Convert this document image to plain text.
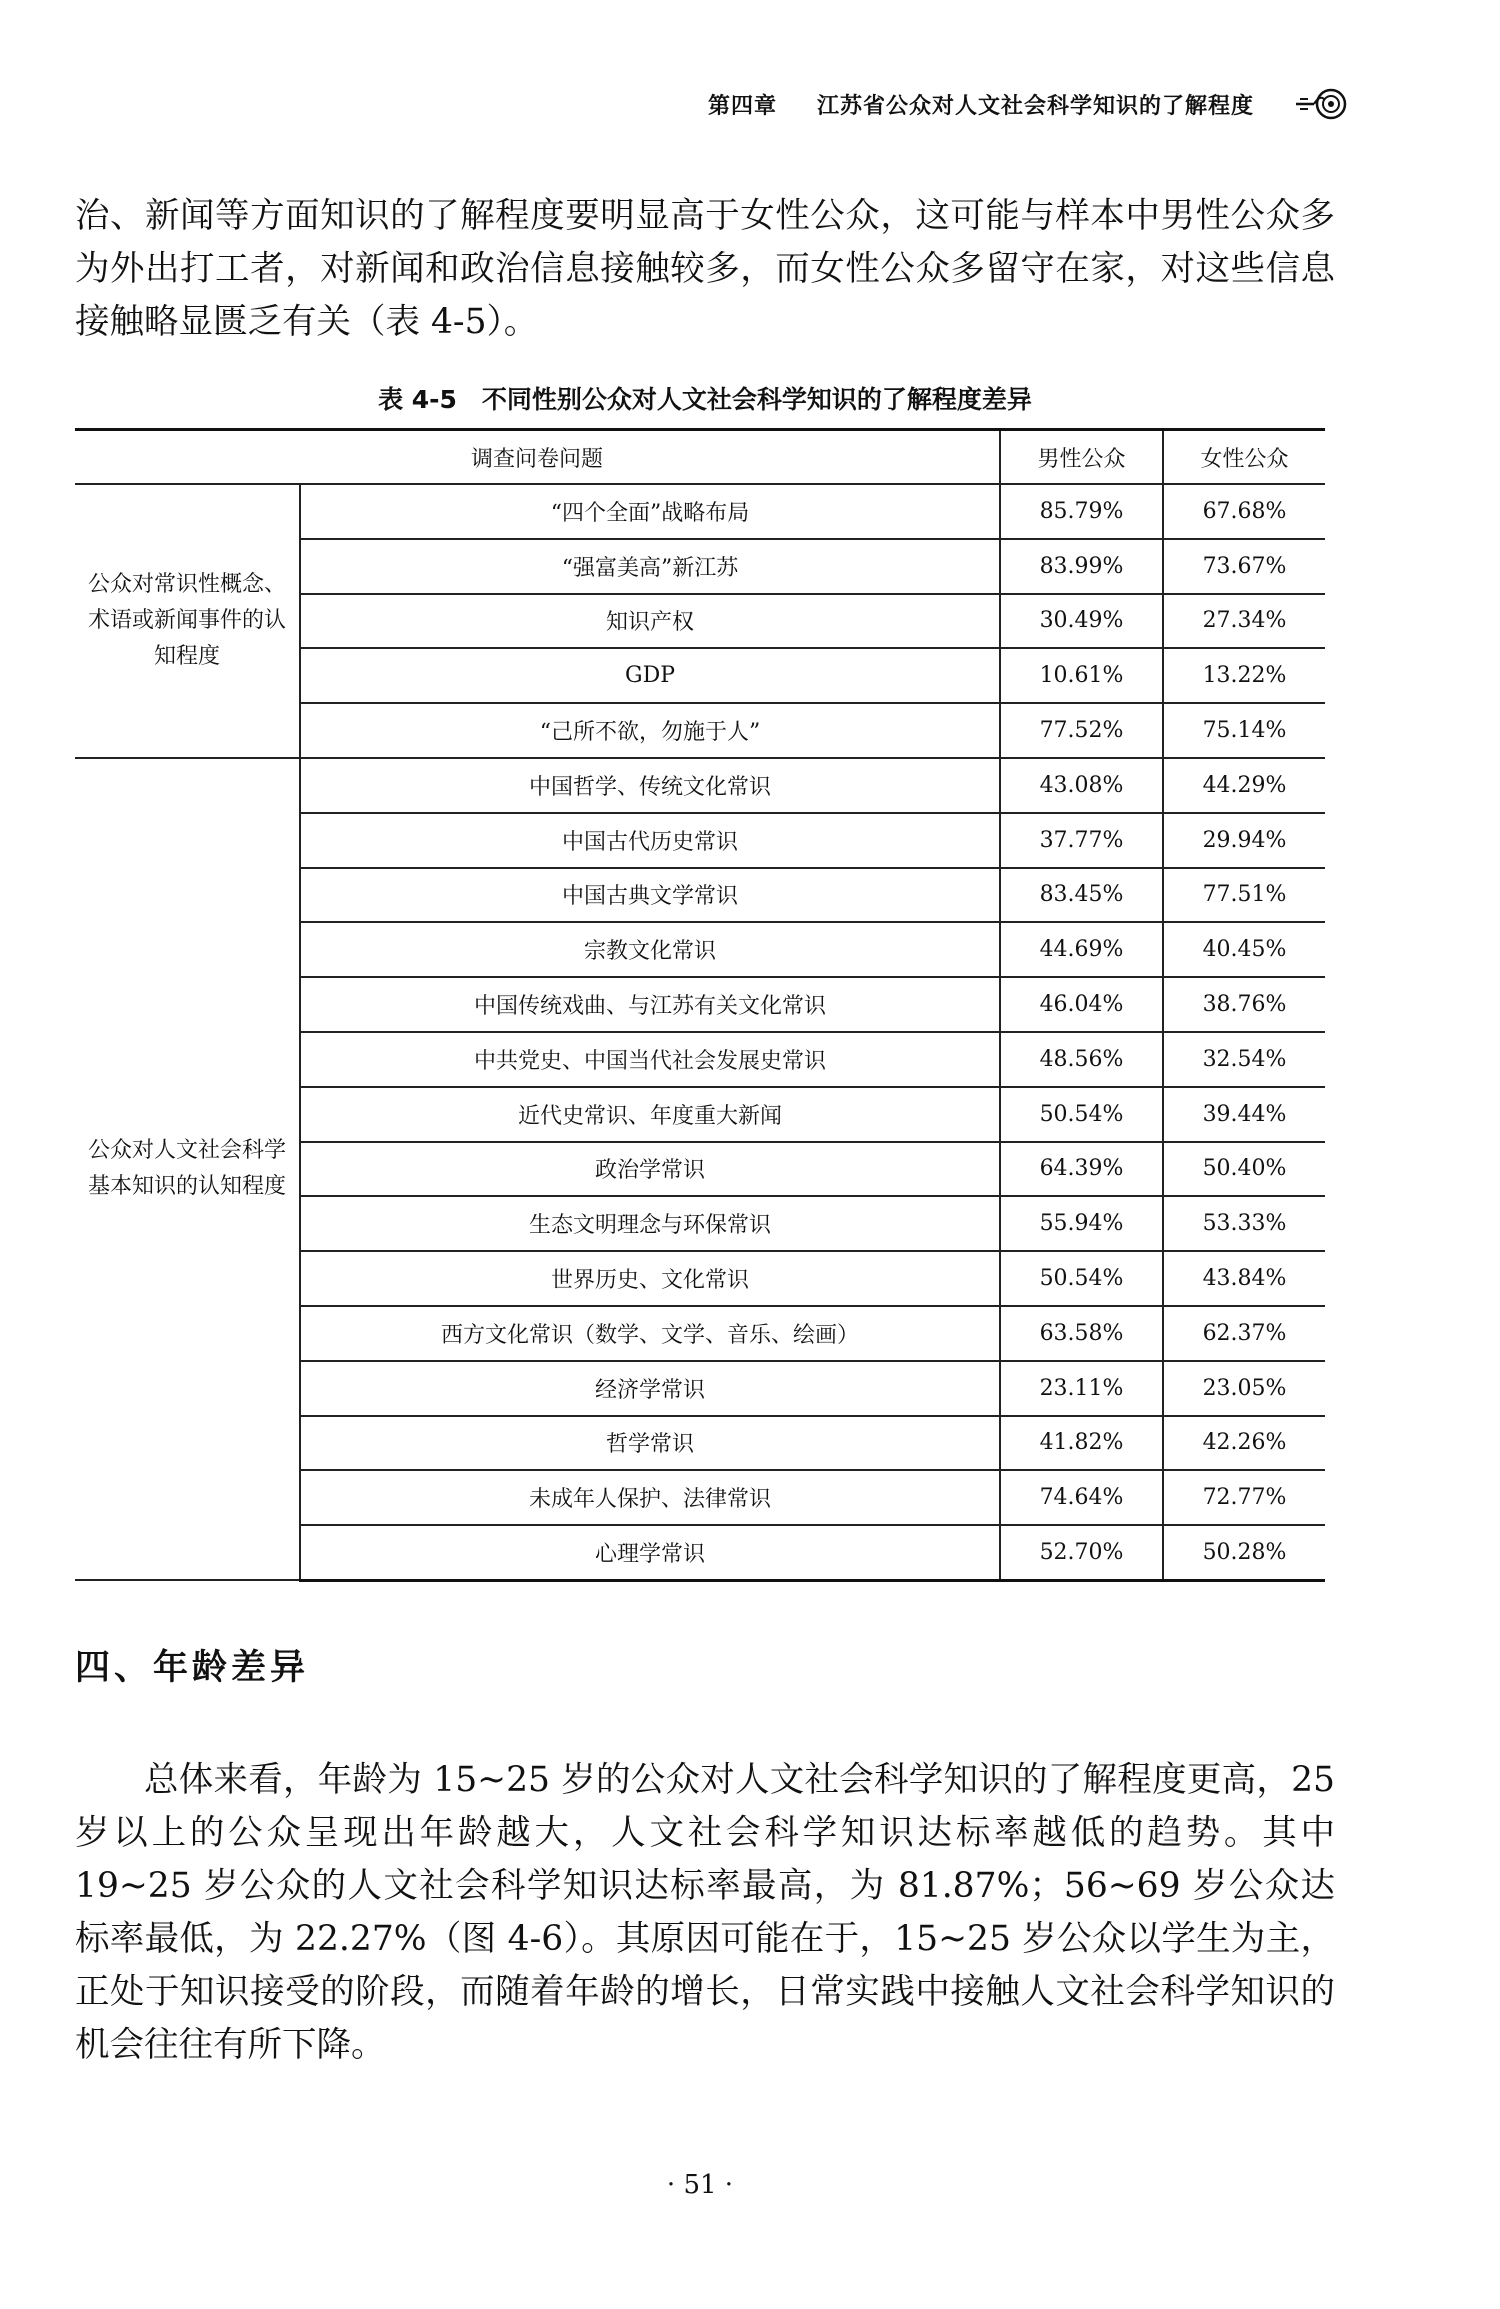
第四章 江苏省公众对人文社会科学知识的了解程度

治、新闻等方面知识的了解程度要明显高于女性公众，这可能与样本中男性公众多为外出打工者，对新闻和政治信息接触较多，而女性公众多留守在家，对这些信息接触略显匮乏有关（表 4-5）。

表 4-5　不同性别公众对人文社会科学知识的了解程度差异

调查问卷问题		男性公众	女性公众
公众对常识性概念、术语或新闻事件的认知程度	“四个全面”战略布局	85.79%	67.68%
	“强富美高”新江苏	83.99%	73.67%
	知识产权	30.49%	27.34%
	GDP	10.61%	13.22%
	“己所不欲，勿施于人”	77.52%	75.14%
公众对人文社会科学基本知识的认知程度	中国哲学、传统文化常识	43.08%	44.29%
	中国古代历史常识	37.77%	29.94%
	中国古典文学常识	83.45%	77.51%
	宗教文化常识	44.69%	40.45%
	中国传统戏曲、与江苏有关文化常识	46.04%	38.76%
	中共党史、中国当代社会发展史常识	48.56%	32.54%
	近代史常识、年度重大新闻	50.54%	39.44%
	政治学常识	64.39%	50.40%
	生态文明理念与环保常识	55.94%	53.33%
	世界历史、文化常识	50.54%	43.84%
	西方文化常识（数学、文学、音乐、绘画）	63.58%	62.37%
	经济学常识	23.11%	23.05%
	哲学常识	41.82%	42.26%
	未成年人保护、法律常识	74.64%	72.77%
	心理学常识	52.70%	50.28%
四、年龄差异

总体来看，年龄为 15~25 岁的公众对人文社会科学知识的了解程度更高，25 岁以上的公众呈现出年龄越大，人文社会科学知识达标率越低的趋势。其中 19~25 岁公众的人文社会科学知识达标率最高，为 81.87%；56~69 岁公众达标率最低，为 22.27%（图 4-6）。其原因可能在于，15~25 岁公众以学生为主，正处于知识接受的阶段，而随着年龄的增长，日常实践中接触人文社会科学知识的机会往往有所下降。

· 51 ·
